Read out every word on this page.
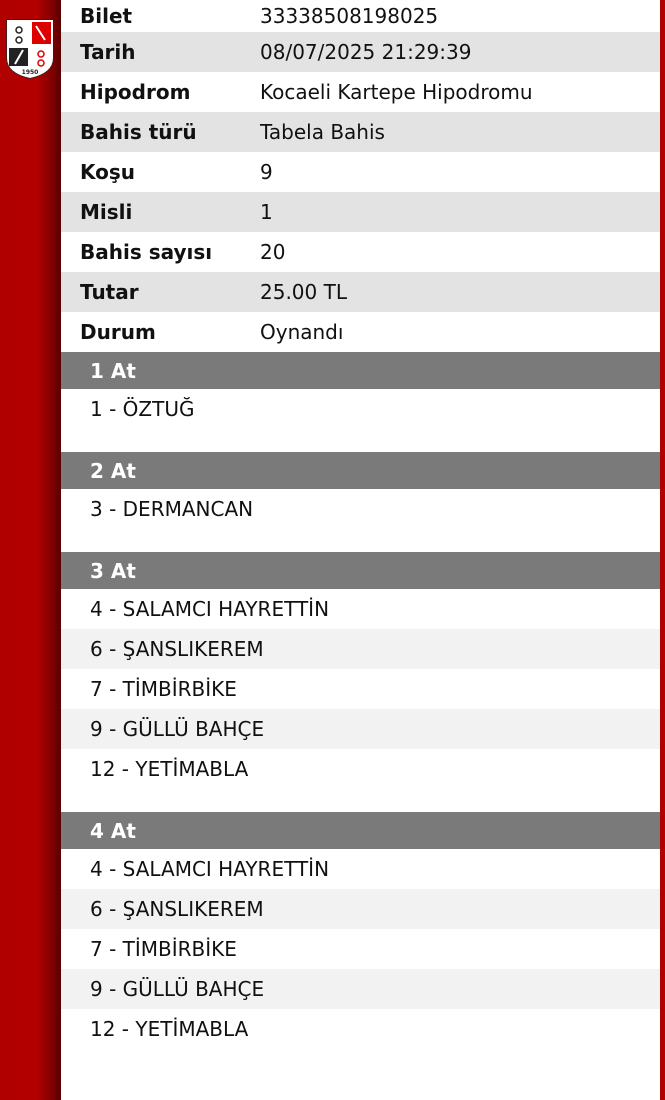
1950
Bilet	33338508198025
Tarih	08/07/2025 21:29:39
Hipodrom	Kocaeli Kartepe Hipodromu
Bahis türü	Tabela Bahis
Koşu	9
Misli	1
Bahis sayısı	20
Tutar	25.00 TL
Durum	Oynandı
1 At
1 - ÖZTUĞ
2 At
3 - DERMANCAN
3 At
4 - SALAMCI HAYRETTİN
6 - ŞANSLIKEREM
7 - TİMBİRBİKE
9 - GÜLLÜ BAHÇE
12 - YETİMABLA
4 At
4 - SALAMCI HAYRETTİN
6 - ŞANSLIKEREM
7 - TİMBİRBİKE
9 - GÜLLÜ BAHÇE
12 - YETİMABLA
